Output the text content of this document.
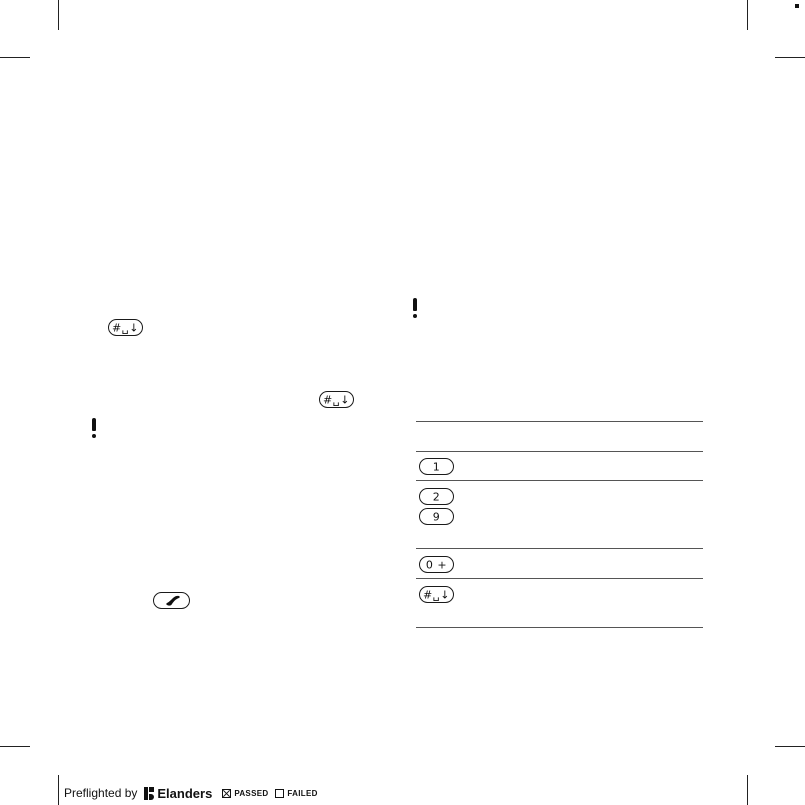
#␣↓
#␣↓
1
2
9
0 +
#␣↓
Preflighted by Elanders	PASSED FAILED
